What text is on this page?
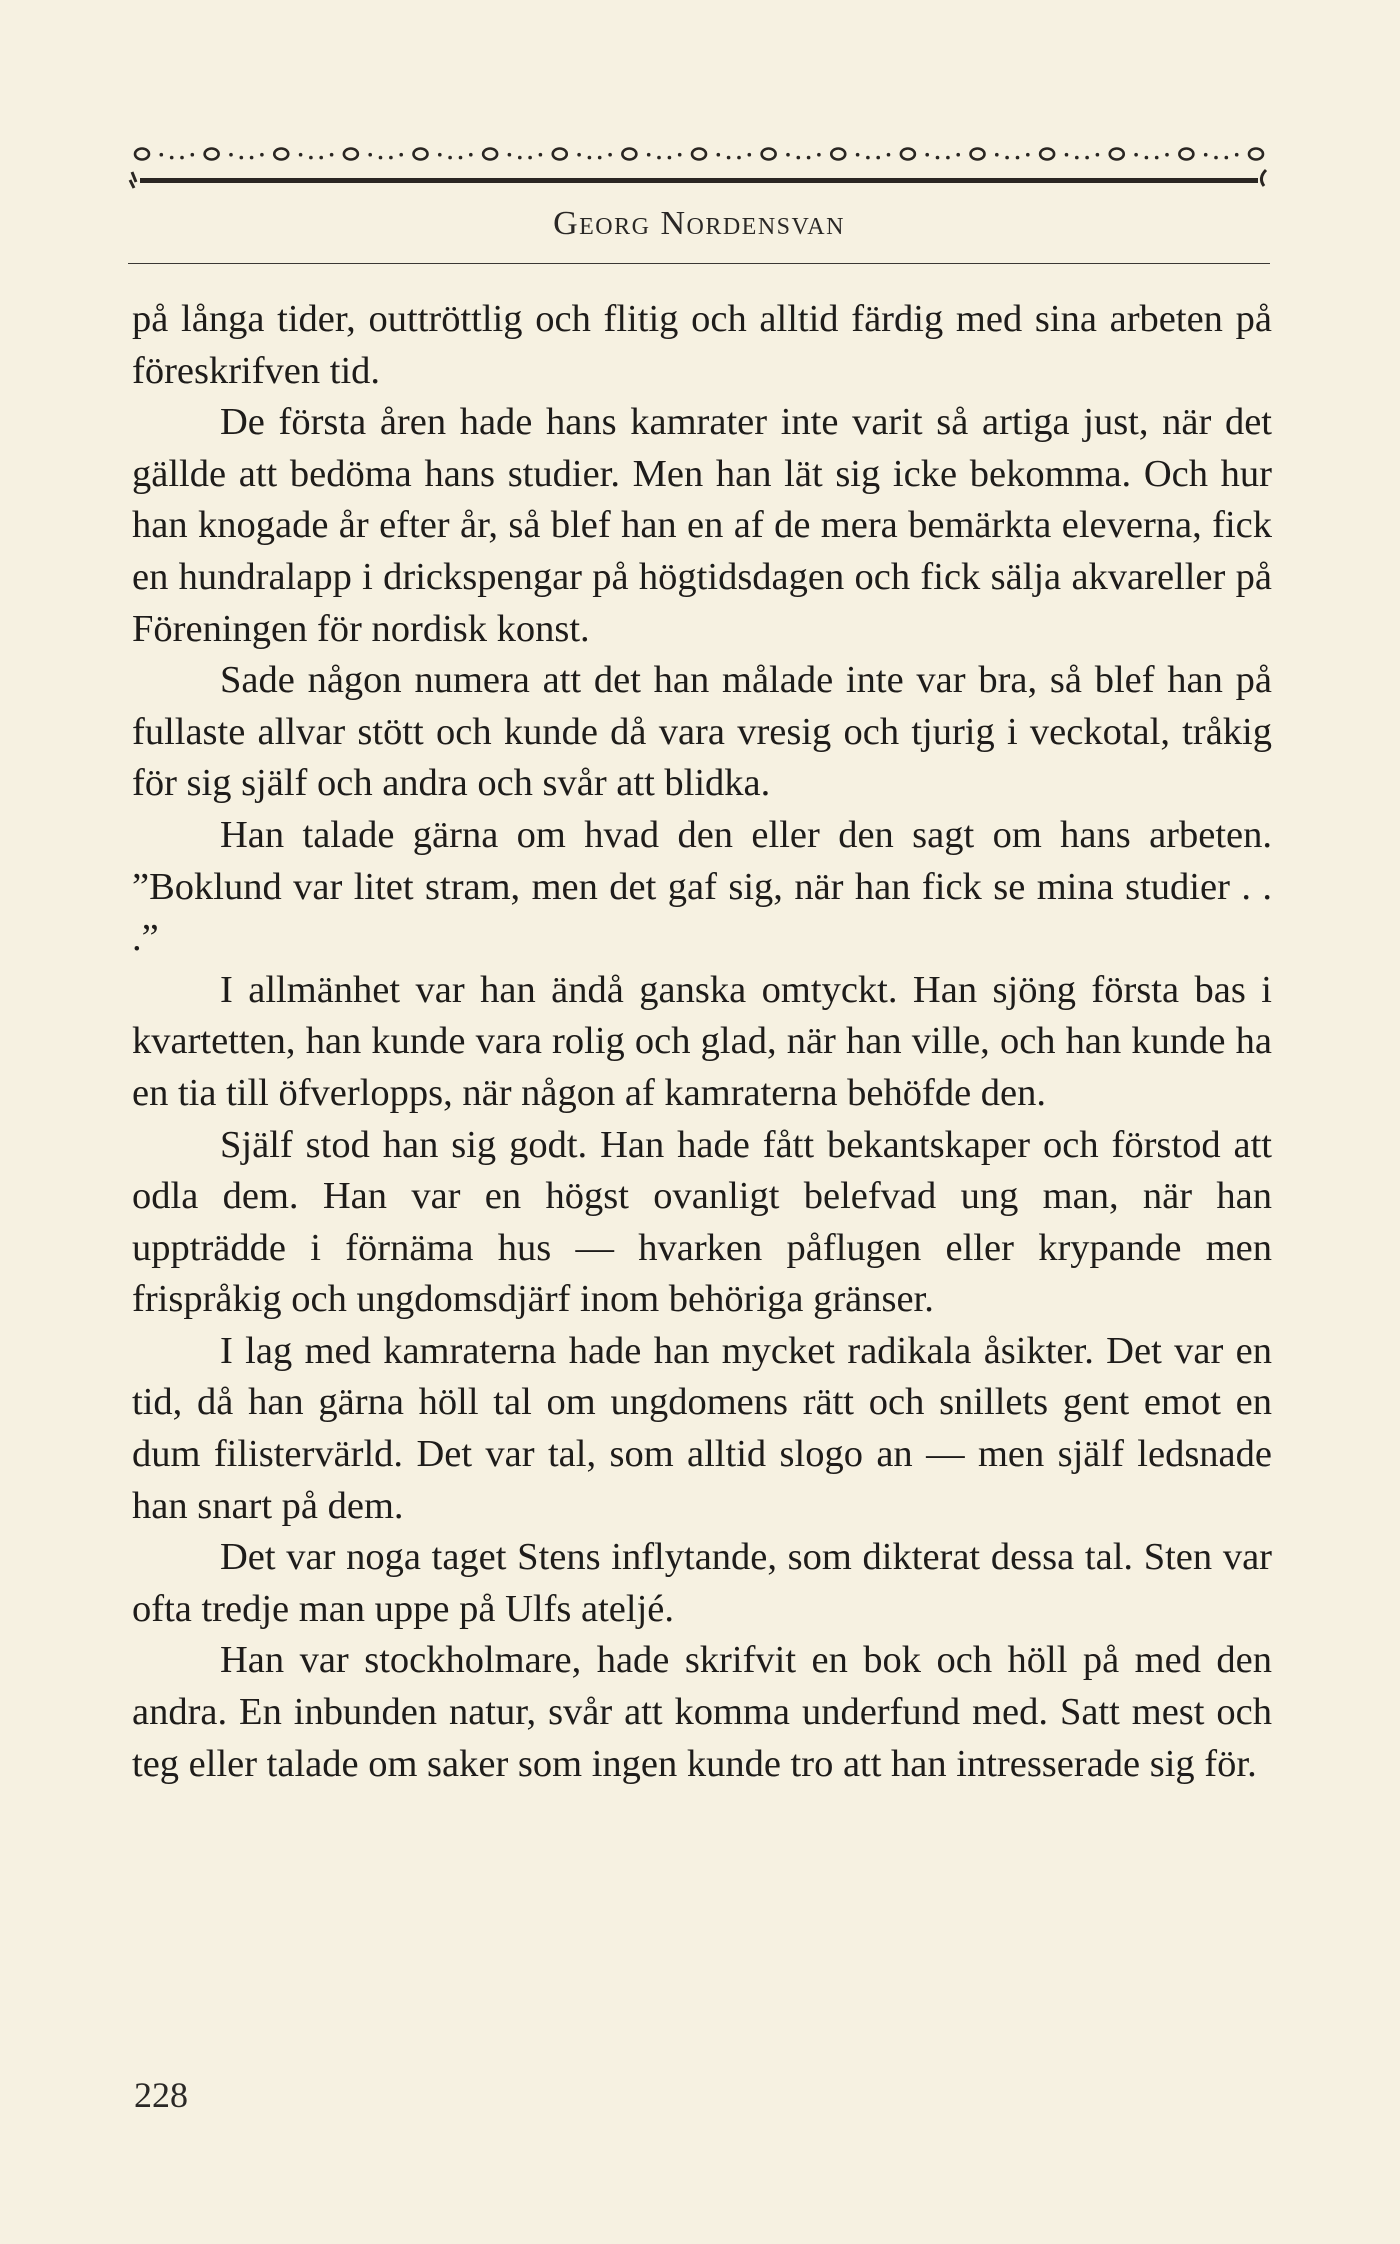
Georg Nordensvan

på långa tider, outtröttlig och flitig och alltid färdig med sina arbeten på föreskrifven tid.

De första åren hade hans kamrater inte varit så artiga just, när det gällde att bedöma hans studier. Men han lät sig icke bekomma. Och hur han knogade år efter år, så blef han en af de mera bemärkta eleverna, fick en hundralapp i drickspengar på högtidsdagen och fick sälja akvareller på Föreningen för nordisk konst.

Sade någon numera att det han målade inte var bra, så blef han på fullaste allvar stött och kunde då vara vresig och tjurig i veckotal, tråkig för sig själf och andra och svår att blidka.

Han talade gärna om hvad den eller den sagt om hans arbeten. ”Boklund var litet stram, men det gaf sig, när han fick se mina studier . . .”

I allmänhet var han ändå ganska omtyckt. Han sjöng första bas i kvartetten, han kunde vara rolig och glad, när han ville, och han kunde ha en tia till öfverlopps, när någon af kamraterna behöfde den.

Själf stod han sig godt. Han hade fått bekantskaper och förstod att odla dem. Han var en högst ovanligt belefvad ung man, när han uppträdde i förnäma hus — hvarken påflugen eller krypande men frispråkig och ungdomsdjärf inom behöriga gränser.

I lag med kamraterna hade han mycket radikala åsikter. Det var en tid, då han gärna höll tal om ungdomens rätt och snillets gent emot en dum filistervärld. Det var tal, som alltid slogo an — men själf ledsnade han snart på dem.

Det var noga taget Stens inflytande, som dikterat dessa tal. Sten var ofta tredje man uppe på Ulfs ateljé.

Han var stockholmare, hade skrifvit en bok och höll på med den andra. En inbunden natur, svår att komma underfund med. Satt mest och teg eller talade om saker som ingen kunde tro att han intresserade sig för.

228
